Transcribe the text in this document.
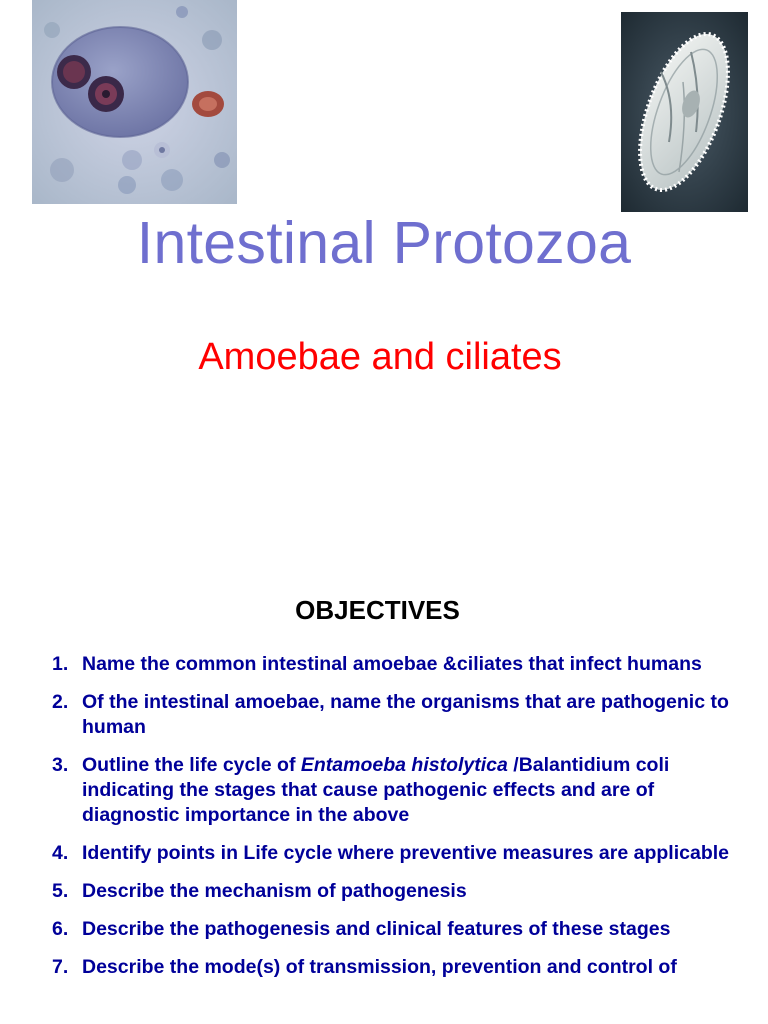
Intestinal Protozoa
Amoebae and ciliates
OBJECTIVES
1. Name the common intestinal amoebae &ciliates that infect humans
2. Of the intestinal amoebae, name the organisms that are pathogenic to human
3. Outline the life cycle of Entamoeba histolytica /Balantidium coli indicating the stages that cause pathogenic effects and are of diagnostic importance in the above
4. Identify points in Life cycle where preventive measures are applicable
5. Describe the mechanism of pathogenesis
6. Describe the pathogenesis and clinical features of these stages
7. Describe the mode(s) of transmission, prevention and control of
